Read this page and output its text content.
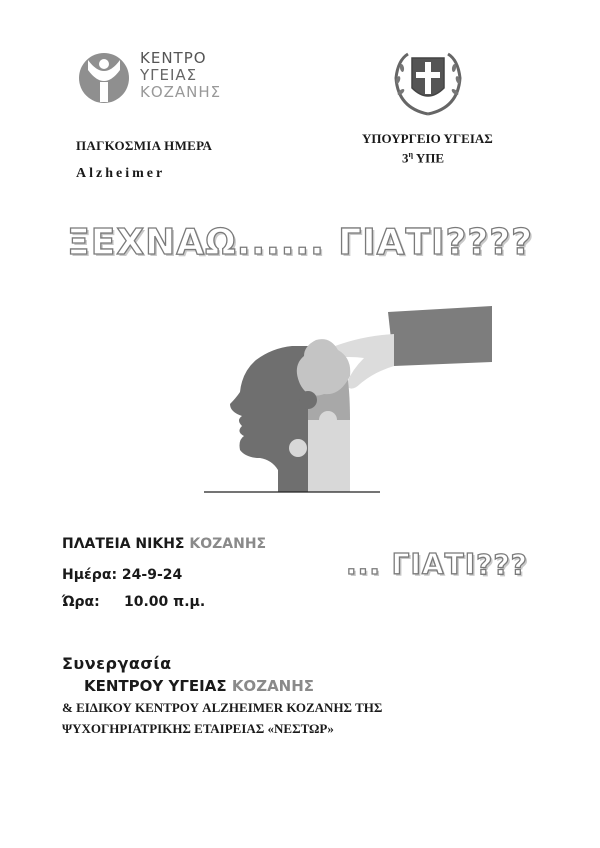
ΚΕΝΤΡΟ
ΥΓΕΙΑΣ
ΚΟΖΑΝΗΣ
ΠΑΓΚΟΣΜΙΑ ΗΜΕΡΑ
Alzheimer
ΥΠΟΥΡΓΕΙΟ ΥΓΕΙΑΣ
$3^\eta$ ΥΠΕ
ΞΕΧΝΑΩ...... ΓΙΑΤΙ????
ΠΛΑΤΕΙΑ ΝΙΚΗΣ ΚΟΖΑΝΗΣ
Ημέρα: 24-9-24
Ώρα: 10.00 π.μ.
... ΓΙΑΤΙ???
Συνεργασία
ΚΕΝΤΡΟΥ ΥΓΕΙΑΣ ΚΟΖΑΝΗΣ
& ΕΙΔΙΚΟΥ ΚΕΝΤΡΟΥ ALZHEIMER ΚΟΖΑΝΗΣ ΤΗΣ
ΨΥΧΟΓΗΡΙΑΤΡΙΚΗΣ ΕΤΑΙΡΕΙΑΣ «ΝΕΣΤΩΡ»
